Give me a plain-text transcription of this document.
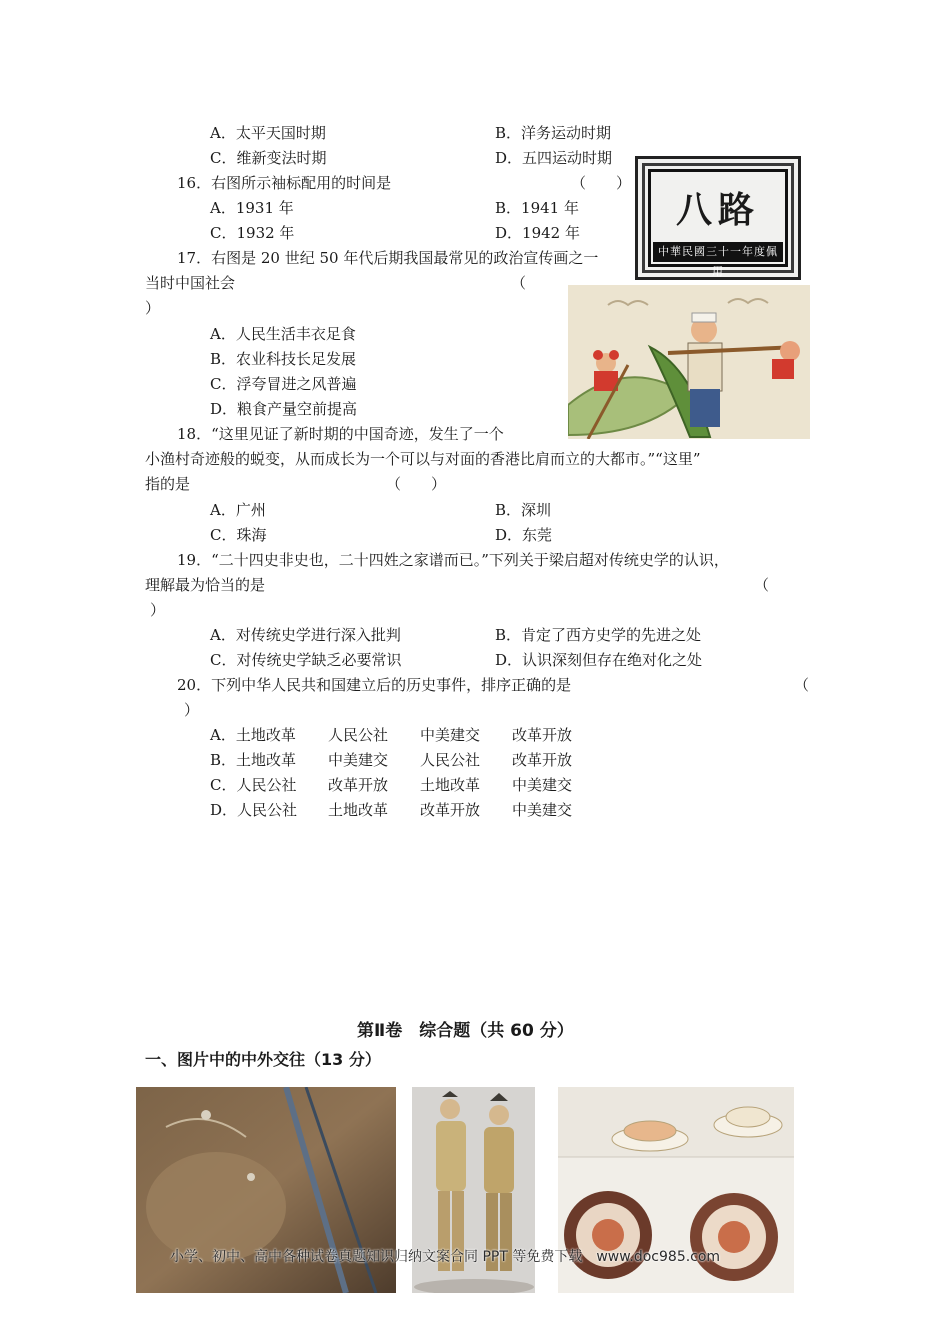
A．太平天国时期	B．洋务运动时期
C．维新变法时期	D．五四运动时期
16．右图所示袖标配用的时间是	（　　）
A．1931 年	B．1941 年
C．1932 年	D．1942 年
八路
中華民國三十一年度佩用
17．右图是 20 世纪 50 年代后期我国最常见的政治宣传画之一
当时中国社会	（
）
A．人民生活丰衣足食
B．农业科技长足发展
C．浮夸冒进之风普遍
D．粮食产量空前提高
18．“这里见证了新时期的中国奇迹，发生了一个
小渔村奇迹般的蜕变，从而成长为一个可以与对面的香港比肩而立的大都市。”“这里”
指的是	（　　）
A．广州	B．深圳
C．珠海	D．东莞
19．“二十四史非史也，二十四姓之家谱而已。”下列关于梁启超对传统史学的认识，
理解最为恰当的是	（
）
A．对传统史学进行深入批判	B．肯定了西方史学的先进之处
C．对传统史学缺乏必要常识	D．认识深刻但存在绝对化之处
20．下列中华人民共和国建立后的历史事件，排序正确的是	（
）
A．土地改革 人民公社 中美建交 改革开放
B．土地改革 中美建交 人民公社 改革开放
C．人民公社 改革开放 土地改革 中美建交
D．人民公社 土地改革 改革开放 中美建交
第Ⅱ卷　综合题（共 60 分）
一、图片中的中外交往（13 分）
小学、初中、高中各种试卷真题知识归纳文案合同 PPT 等免费下载　www.doc985.com
